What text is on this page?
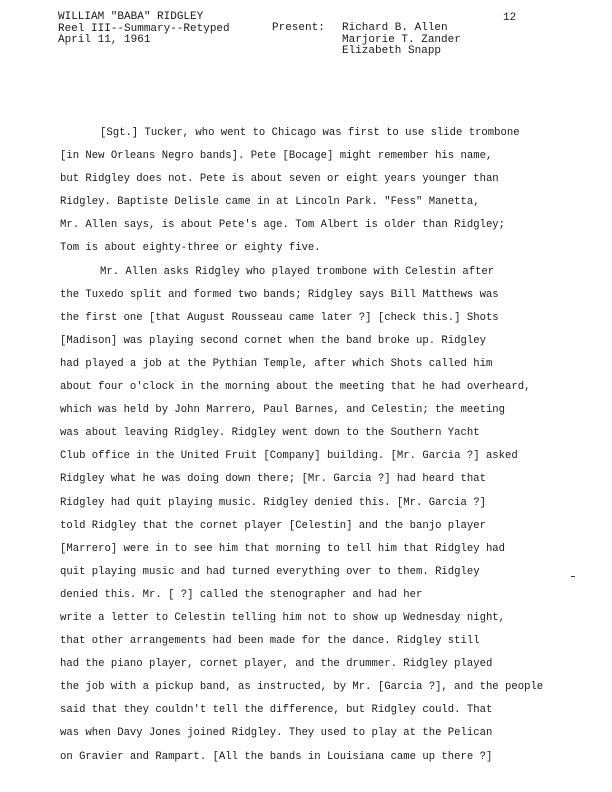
WILLIAM "BABA" RIDGLEY
Reel III--Summary--Retyped
April 11, 1961
Present: Richard B. Allen
Marjorie T. Zander
Elizabeth Snapp
12
[Sgt.] Tucker, who went to Chicago was first to use slide trombone
[in New Orleans Negro bands]. Pete [Bocage] might remember his name,
but Ridgley does not. Pete is about seven or eight years younger than
Ridgley. Baptiste Delisle came in at Lincoln Park. "Fess" Manetta,
Mr. Allen says, is about Pete's age. Tom Albert is older than Ridgley;
Tom is about eighty-three or eighty five.
Mr. Allen asks Ridgley who played trombone with Celestin after
the Tuxedo split and formed two bands; Ridgley says Bill Matthews was
the first one [that August Rousseau came later ?] [check this.] Shots
[Madison] was playing second cornet when the band broke up. Ridgley
had played a job at the Pythian Temple, after which Shots called him
about four o'clock in the morning about the meeting that he had overheard,
which was held by John Marrero, Paul Barnes, and Celestin; the meeting
was about leaving Ridgley. Ridgley went down to the Southern Yacht
Club office in the United Fruit [Company] building. [Mr. Garcia ?] asked
Ridgley what he was doing down there; [Mr. Garcia ?] had heard that
Ridgley had quit playing music. Ridgley denied this. [Mr. Garcia ?]
told Ridgley that the cornet player [Celestin] and the banjo player
[Marrero] were in to see him that morning to tell him that Ridgley had
quit playing music and had turned everything over to them. Ridgley
denied this. Mr. [ ?] called the stenographer and had her
write a letter to Celestin telling him not to show up Wednesday night,
that other arrangements had been made for the dance. Ridgley still
had the piano player, cornet player, and the drummer. Ridgley played
the job with a pickup band, as instructed, by Mr. [Garcia ?], and the people
said that they couldn't tell the difference, but Ridgley could. That
was when Davy Jones joined Ridgley. They used to play at the Pelican
on Gravier and Rampart. [All the bands in Louisiana came up there ?]
